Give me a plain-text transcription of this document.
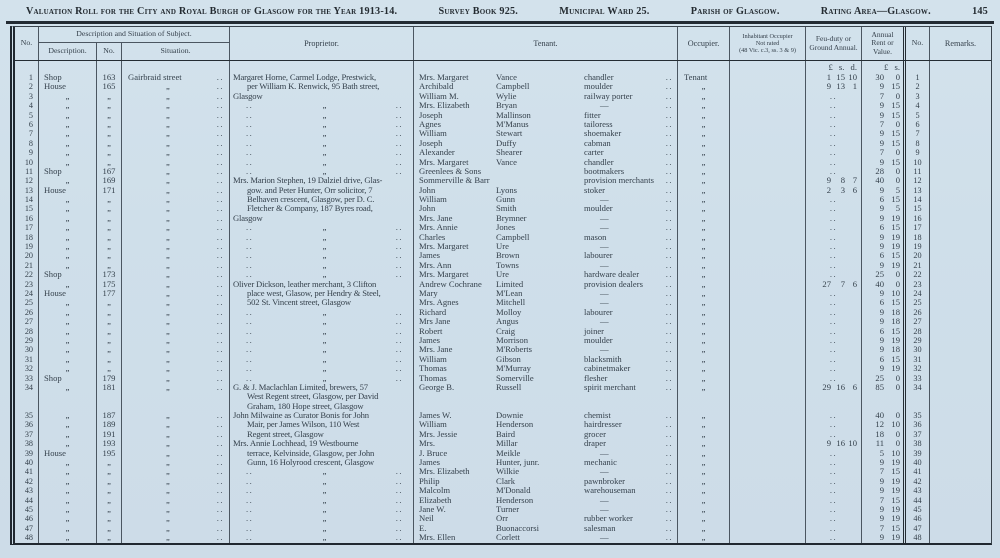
Valuation Roll for the City and Royal Burgh of Glasgow for the Year 1913-14.	Survey Book 925.	Municipal Ward 25.	Parish of Glasgow.	Rating Area—Glasgow.	145
No.
Description and Situation of Subject.
Description.	No.	Situation.
Proprietor.	Tenant.	Occupier.
Inhabitant Occupier
Not rated
(48 Vic. c.3, ss. 3 & 9)
Feu-duty or Ground Annual.
Annual Rent or Value.
No.	Remarks.
£ s. d.	£ s.
1	Shop	163	Gairbraid street	..	Margaret Horne, Carmel Lodge, Prestwick,	Mrs. Margaret	Vance	chandler	..	Tenant	1 15 10	30	0	1
2	House	165	„	..	per William K. Renwick, 95 Bath street,	Archibald	Campbell	moulder	..	„	9 13 1	9 15	2
3	„	„	„	..	Glasgow	William M.	Wylie	railway porter	..	„	..	7	0	3
4	„	„	„	..	..	„	..	Mrs. Elizabeth	Bryan	—	..	„	..	9 15	4
5	„	„	„	..	..	„	..	Joseph	Mallinson	fitter	..	„	..	9 15	5
6	„	„	„	..	..	„	..	Agnes	M'Manus	tailoress	..	„	..	7	0	6
7	„	„	„	..	..	„	..	William	Stewart	shoemaker	..	„	..	9 15	7
8	„	„	„	..	..	„	..	Joseph	Duffy	cabman	..	„	..	9 15	8
9	„	„	„	..	..	„	..	Alexander	Shearer	carter	..	„	..	7	0	9
10	„	„	„	..	..	„	..	Mrs. Margaret	Vance	chandler	..	„	..	9 15	10
11	Shop	167	„	..	..	„	..	Greenlees & Sons	bootmakers	..	„	..	28	0	11
12	„	169	„	..	Mrs. Marion Stephen, 19 Dalziel drive, Glas-	Sommerville & Barr	provision merchants ..	„	9	8 7	40	0	12
13	House	171	„	..	gow. and Peter Hunter, Orr solicitor, 7	John	Lyons	stoker	..	„	2	3 6	9	5	13
14	„	„	„	..	Belhaven crescent, Glasgow, per D. C.	William	Gunn	—	..	„	..	6 15	14
15	„	„	„	..	Fletcher & Company, 187 Byres road,	John	Smith	moulder	..	„	..	9	5	15
16	„	„	„	..	Glasgow	Mrs. Jane	Brymner	—	..	„	..	9 19	16
17	„	„	„	..	..	„	..	Mrs. Annie	Jones	—	..	„	..	6 15	17
18	„	„	„	..	..	„	..	Charles	Campbell	mason	..	„	..	9 19	18
19	„	„	„	..	..	„	..	Mrs. Margaret	Ure	—	..	„	..	9 19	19
20	„	„	„	..	..	„	..	James	Brown	labourer	..	„	..	6 15	20
21	„	„	„	..	..	„	..	Mrs. Ann	Towns	—	..	„	..	9 19	21
22	Shop	173	„	..	..	„	..	Mrs. Margaret	Ure	hardware dealer	..	„	..	25	0	22
23	„	175	„	..	Oliver Dickson, leather merchant, 3 Clifton	Andrew Cochrane	Limited	provision dealers	..	„	27	7 6	40	0	23
24	House	177	„	..	place west, Glasow, per Hendry & Steel,	Mary	M'Lean	—	..	„	..	9 10	24
25	„	„	„	..	502 St. Vincent street, Glasgow	Mrs. Agnes	Mitchell	—	..	„	..	6 15	25
26	„	„	„	..	..	„	..	Richard	Molloy	labourer	..	„	..	9 18	26
27	„	„	„	..	..	„	..	Mrs Jane	Angus	—	..	„	..	9 18	27
28	„	„	„	..	..	„	..	Robert	Craig	joiner	..	„	..	6 15	28
29	„	„	„	..	..	„	..	James	Morrison	moulder	..	„	..	9 19	29
30	„	„	„	..	..	„	..	Mrs. Jane	M'Roberts	—	..	„	..	9 18	30
31	„	„	„	..	..	„	..	William	Gibson	blacksmith	..	„	..	6 15	31
32	„	„	„	..	..	„	..	Thomas	M'Murray	cabinetmaker	..	„	..	9 19	32
33	Shop	179	„	..	..	„	..	Thomas	Somerville	flesher	..	„	..	25	0	33
34	„	181	„	..	G. & J. Maclachlan Limited, brewers, 57	George B.	Russell	spirit merchant	..	„	29 16 6	85	0	34
West Regent street, Glasgow, per David
Graham, 180 Hope street, Glasgow
35	„	187	„	..	John Milwaine as Curator Bonis for John	James W.	Downie	chemist	..	„	..	40	0	35
36	„	189	„	..	Mair, per James Wilson, 110 West	William	Henderson	hairdresser	..	„	..	12 10	36
37	„	191	„	..	Regent street, Glasgow	Mrs. Jessie	Baird	grocer	..	„	..	18	0	37
38	„	193	„	..	Mrs. Annie Lochhead, 19 Westbourne	Mrs.	Millar	draper	..	„	9 16 10	11	0	38
39	House	195	„	..	terrace, Kelvinside, Glasgow, per John	J. Bruce	Meikle	—	..	„	..	5 10	39
40	„	„	„	..	Gunn, 16 Holyrood crescent, Glasgow	James	Hunter, junr.	mechanic	..	„	..	9 19	40
41	„	„	„	..	..	„	..	Mrs. Elizabeth	Wilkie	—	..	„	..	7 15	41
42	„	„	„	..	..	„	..	Philip	Clark	pawnbroker	..	„	..	9 19	42
43	„	„	„	..	..	„	..	Malcolm	M'Donald	warehouseman	..	„	..	9 19	43
44	„	„	„	..	..	„	..	Elizabeth	Henderson	—	..	„	..	7 15	44
45	„	„	„	..	..	„	..	Jane W.	Turner	—	..	„	..	9 19	45
46	„	„	„	..	..	„	..	Neil	Orr	rubber worker	..	„	..	9 19	46
47	„	„	„	..	..	„	..	E.	Buonaccorsi	salesman	..	„	..	7 15	47
48	„	„	„	..	..	„	..	Mrs. Ellen	Corlett	—	..	„	..	9 19	48
